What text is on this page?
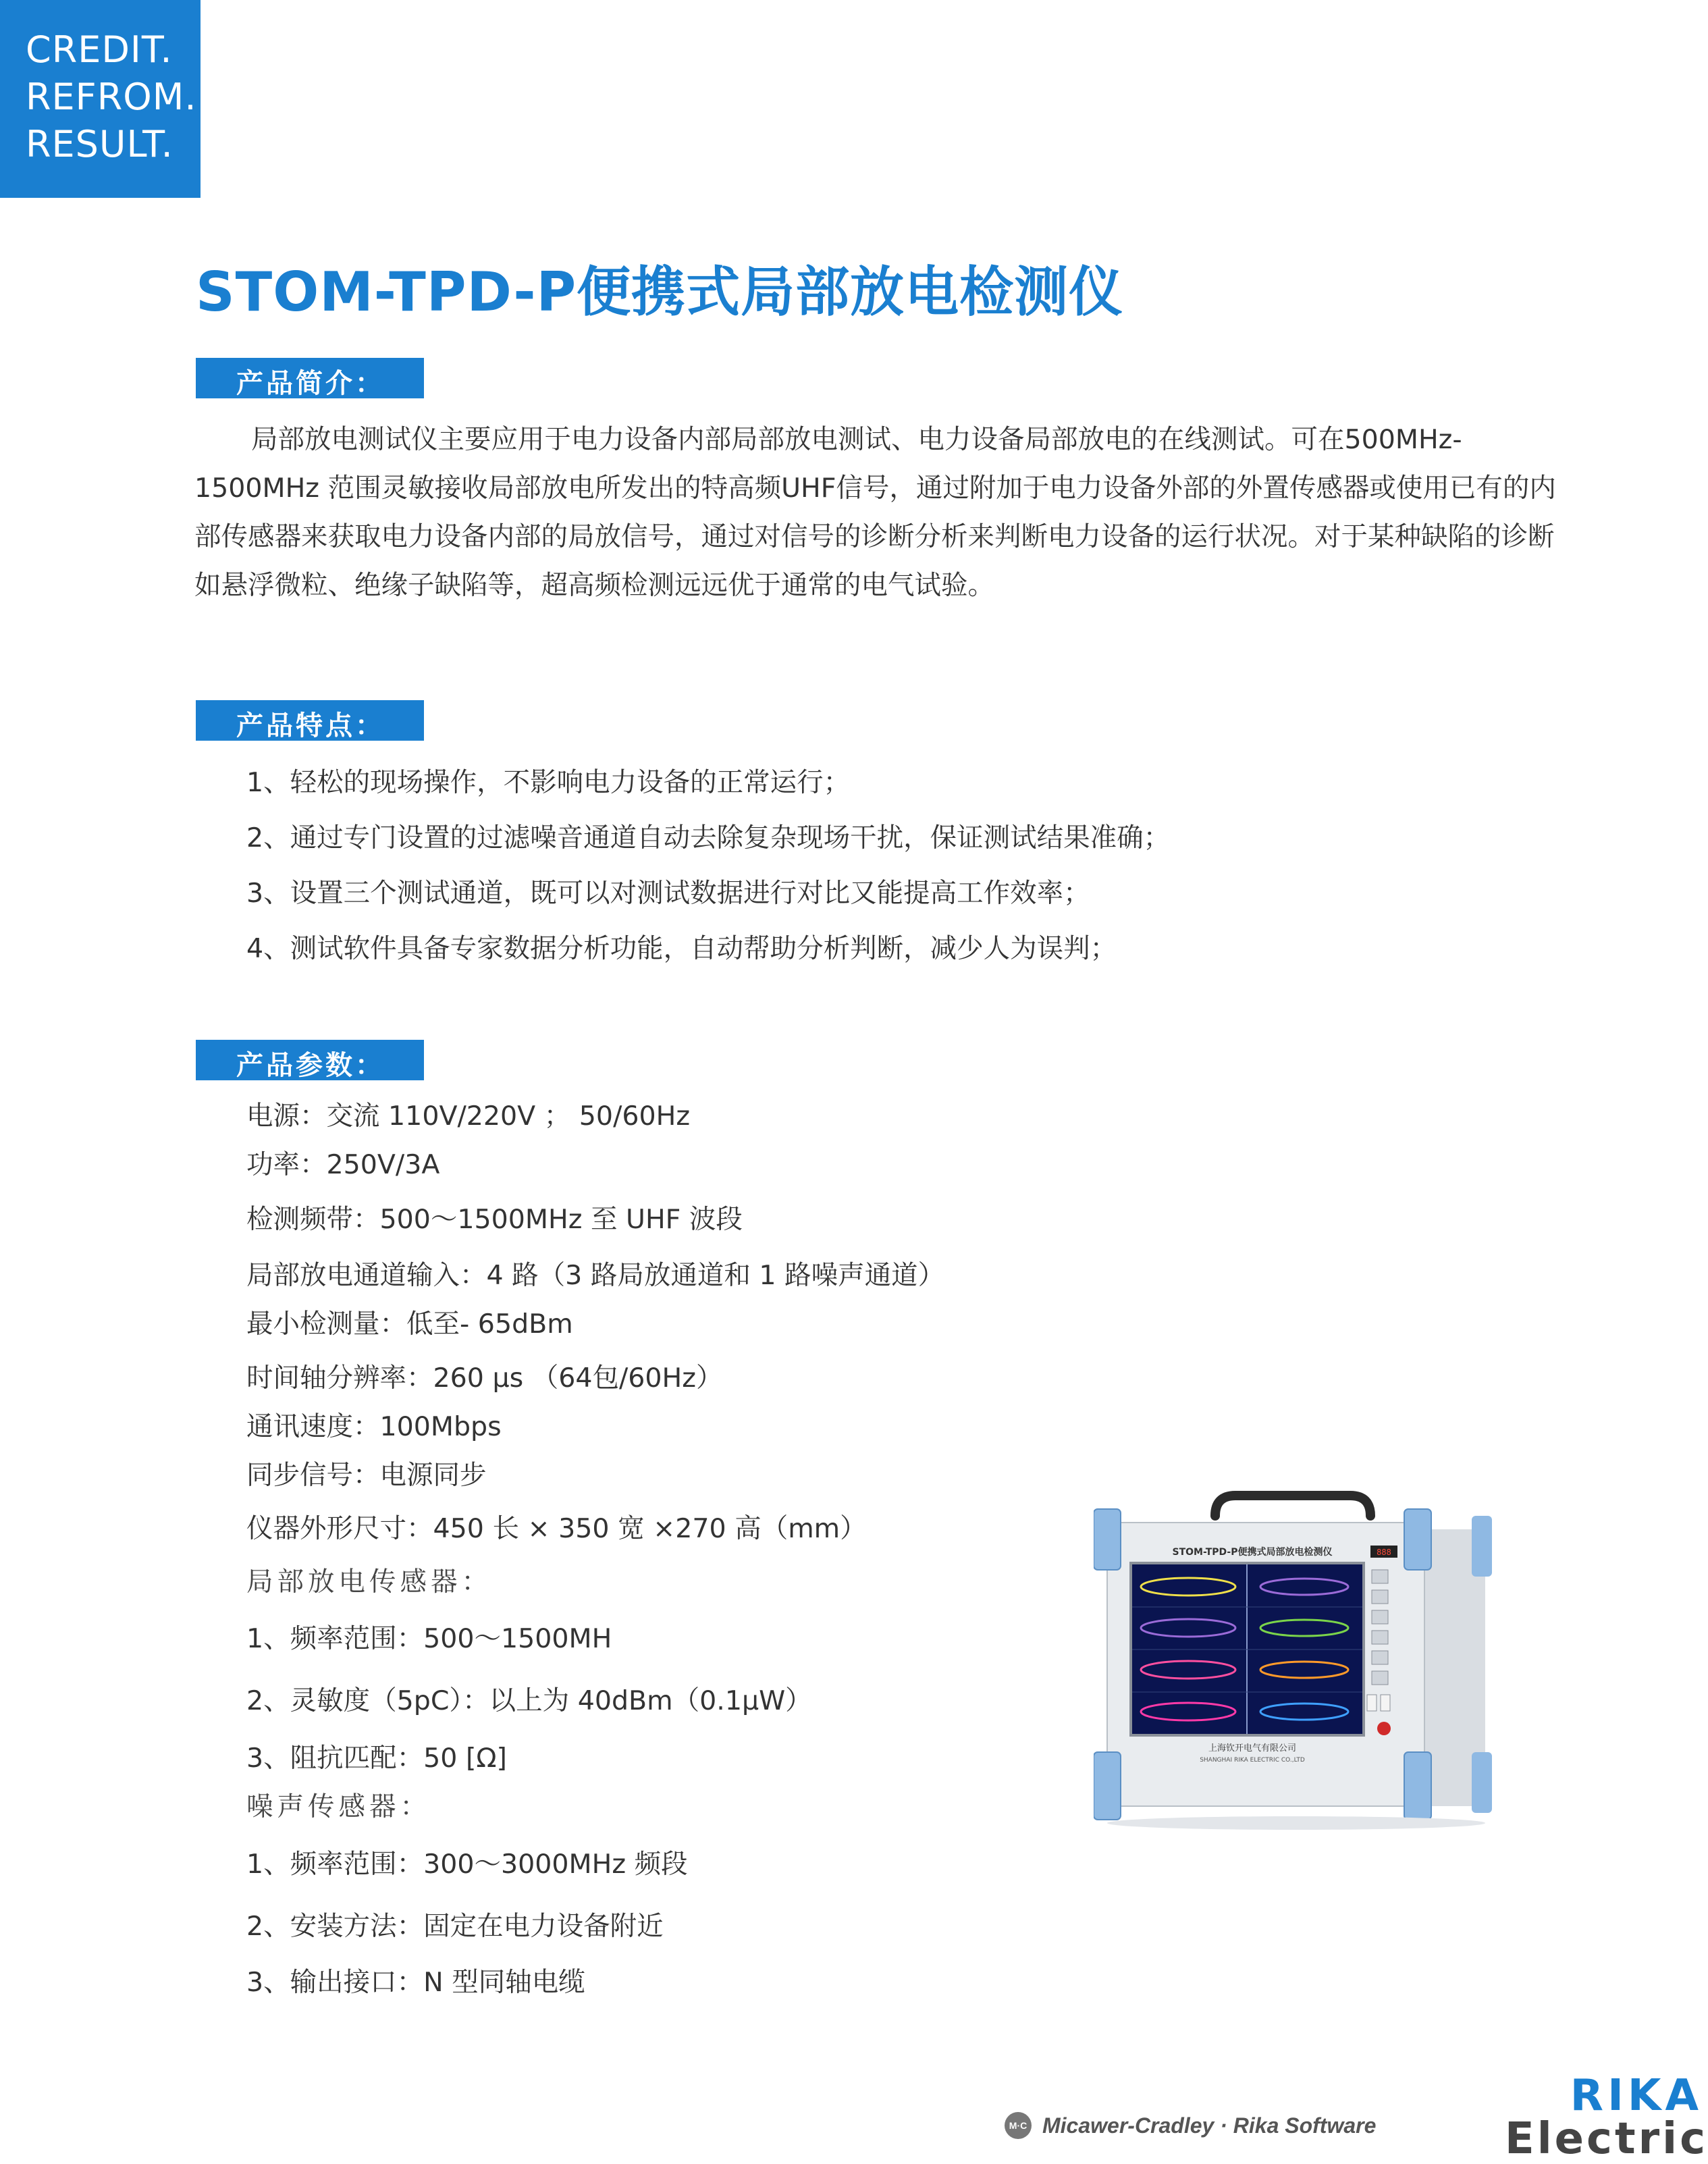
CREDIT.
REFROM.
RESULT.
STOM-TPD-P便携式局部放电检测仪
产品简介：

局部放电测试仪主要应用于电力设备内部局部放电测试、电力设备局部放电的在线测试。可在500MHz-1500MHz 范围灵敏接收局部放电所发出的特高频UHF信号，通过附加于电力设备外部的外置传感器或使用已有的内部传感器来获取电力设备内部的局放信号，通过对信号的诊断分析来判断电力设备的运行状况。对于某种缺陷的诊断如悬浮微粒、绝缘子缺陷等，超高频检测远远优于通常的电气试验。

产品特点：

1、轻松的现场操作，不影响电力设备的正常运行；

2、通过专门设置的过滤噪音通道自动去除复杂现场干扰，保证测试结果准确；

3、设置三个测试通道，既可以对测试数据进行对比又能提高工作效率；

4、测试软件具备专家数据分析功能，自动帮助分析判断，减少人为误判；

产品参数：

电源：交流 110V/220V ； 50/60Hz

功率：250V/3A

检测频带：500～1500MHz 至 UHF 波段

局部放电通道输入：4 路（3 路局放通道和 1 路噪声通道）

最小检测量：低至- 65dBm

时间轴分辨率：260 μs （64包/60Hz）

通讯速度：100Mbps

同步信号：电源同步

仪器外形尺寸：450 长 × 350 宽 ×270 高（mm）

局部放电传感器：

1、频率范围：500～1500MH

2、灵敏度（5pC）：以上为 40dBm（0.1μW）

3、阻抗匹配：50 [Ω]

噪声传感器：

1、频率范围：300～3000MHz 频段

2、安装方法：固定在电力设备附近

3、输出接口：N 型同轴电缆

STOM-TPD-P便携式局部放电检测仪	888
上海钦开电气有限公司
SHANGHAI RIKA ELECTRIC CO.,LTD
M·C Micawer-Cradley · Rika Software
RIKA
Electric
